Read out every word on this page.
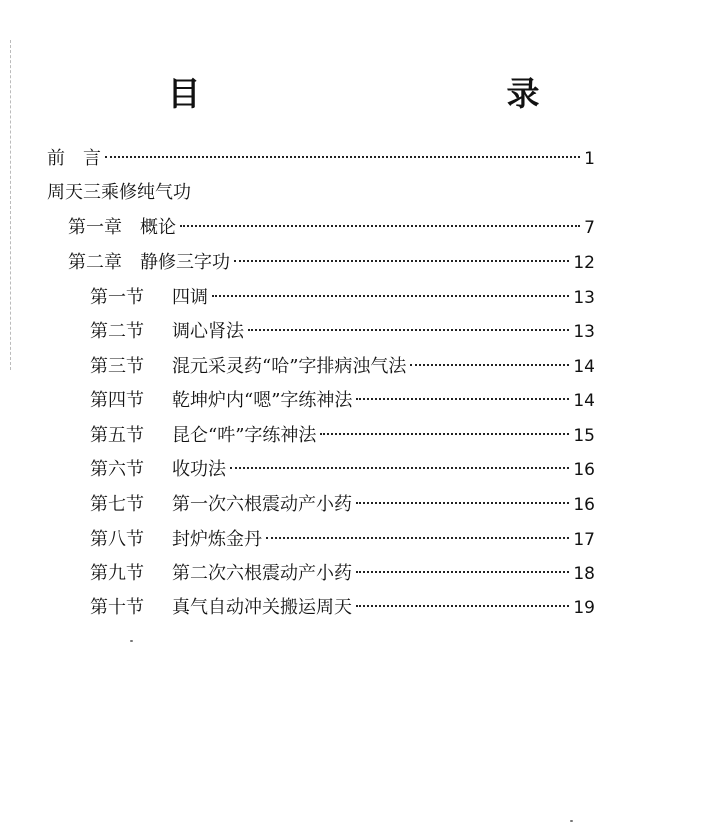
目　　录
前　言	1
周天三乘修纯气功
第一章　概论	7
第二章　静修三字功	12
第一节 四调	13
第二节 调心肾法	13
第三节 混元采灵药“哈”字排病浊气法	14
第四节 乾坤炉内“嗯”字练神法	14
第五节 昆仑“吽”字练神法	15
第六节 收功法	16
第七节 第一次六根震动产小药	16
第八节 封炉炼金丹	17
第九节 第二次六根震动产小药	18
第十节 真气自动冲关搬运周天	19
